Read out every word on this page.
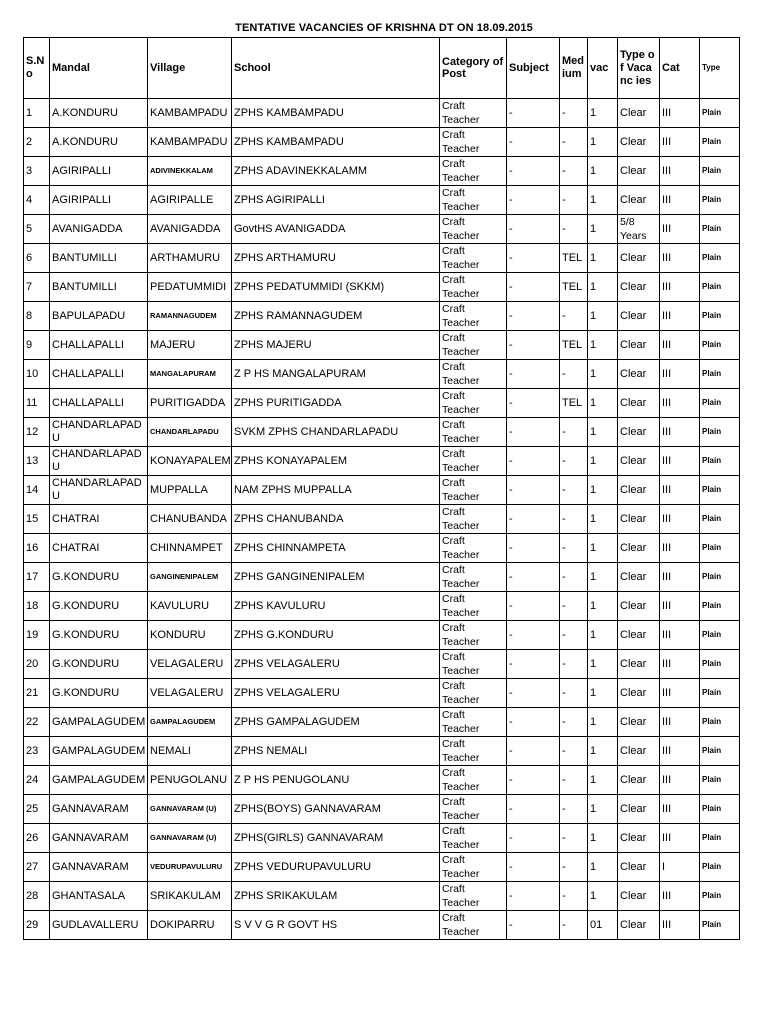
TENTATIVE VACANCIES OF KRISHNA DT ON 18.09.2015
S.N o	Mandal	Village	School	Category of Post	Subject	Med ium	vac	Type of Vacanc ies	Cat	Type
1	A.KONDURU	KAMBAMPADU	ZPHS KAMBAMPADU	Craft Teacher	-	-	1	Clear	III	Plain
2	A.KONDURU	KAMBAMPADU	ZPHS KAMBAMPADU	Craft Teacher	-	-	1	Clear	III	Plain
3	AGIRIPALLI	ADIVINEKKALAM	ZPHS ADAVINEKKALAMM	Craft Teacher	-	-	1	Clear	III	Plain
4	AGIRIPALLI	AGIRIPALLE	ZPHS AGIRIPALLI	Craft Teacher	-	-	1	Clear	III	Plain
5	AVANIGADDA	AVANIGADDA	GovtHS AVANIGADDA	Craft Teacher	-	-	1	5/8 Years	III	Plain
6	BANTUMILLI	ARTHAMURU	ZPHS ARTHAMURU	Craft Teacher	-	TEL	1	Clear	III	Plain
7	BANTUMILLI	PEDATUMMIDI	ZPHS PEDATUMMIDI (SKKM)	Craft Teacher	-	TEL	1	Clear	III	Plain
8	BAPULAPADU	RAMANNAGUDEM	ZPHS RAMANNAGUDEM	Craft Teacher	-	-	1	Clear	III	Plain
9	CHALLAPALLI	MAJERU	ZPHS MAJERU	Craft Teacher	-	TEL	1	Clear	III	Plain
10	CHALLAPALLI	MANGALAPURAM	Z P HS MANGALAPURAM	Craft Teacher	-	-	1	Clear	III	Plain
11	CHALLAPALLI	PURITIGADDA	ZPHS PURITIGADDA	Craft Teacher	-	TEL	1	Clear	III	Plain
12	CHANDARLAPADU	CHANDARLAPADU	SVKM ZPHS CHANDARLAPADU	Craft Teacher	-	-	1	Clear	III	Plain
13	CHANDARLAPADU	KONAYAPALEM	ZPHS KONAYAPALEM	Craft Teacher	-	-	1	Clear	III	Plain
14	CHANDARLAPADU	MUPPALLA	NAM ZPHS MUPPALLA	Craft Teacher	-	-	1	Clear	III	Plain
15	CHATRAI	CHANUBANDA	ZPHS CHANUBANDA	Craft Teacher	-	-	1	Clear	III	Plain
16	CHATRAI	CHINNAMPET	ZPHS CHINNAMPETA	Craft Teacher	-	-	1	Clear	III	Plain
17	G.KONDURU	GANGINENIPALEM	ZPHS GANGINENIPALEM	Craft Teacher	-	-	1	Clear	III	Plain
18	G.KONDURU	KAVULURU	ZPHS KAVULURU	Craft Teacher	-	-	1	Clear	III	Plain
19	G.KONDURU	KONDURU	ZPHS G.KONDURU	Craft Teacher	-	-	1	Clear	III	Plain
20	G.KONDURU	VELAGALERU	ZPHS VELAGALERU	Craft Teacher	-	-	1	Clear	III	Plain
21	G.KONDURU	VELAGALERU	ZPHS VELAGALERU	Craft Teacher	-	-	1	Clear	III	Plain
22	GAMPALAGUDEM	GAMPALAGUDEM	ZPHS GAMPALAGUDEM	Craft Teacher	-	-	1	Clear	III	Plain
23	GAMPALAGUDEM	NEMALI	ZPHS NEMALI	Craft Teacher	-	-	1	Clear	III	Plain
24	GAMPALAGUDEM	PENUGOLANU	Z P HS PENUGOLANU	Craft Teacher	-	-	1	Clear	III	Plain
25	GANNAVARAM	GANNAVARAM (U)	ZPHS(BOYS) GANNAVARAM	Craft Teacher	-	-	1	Clear	III	Plain
26	GANNAVARAM	GANNAVARAM (U)	ZPHS(GIRLS) GANNAVARAM	Craft Teacher	-	-	1	Clear	III	Plain
27	GANNAVARAM	VEDURUPAVULURU	ZPHS VEDURUPAVULURU	Craft Teacher	-	-	1	Clear	I	Plain
28	GHANTASALA	SRIKAKULAM	ZPHS SRIKAKULAM	Craft Teacher	-	-	1	Clear	III	Plain
29	GUDLAVALLERU	DOKIPARRU	S V V G R GOVT HS	Craft Teacher	-	-	01	Clear	III	Plain
